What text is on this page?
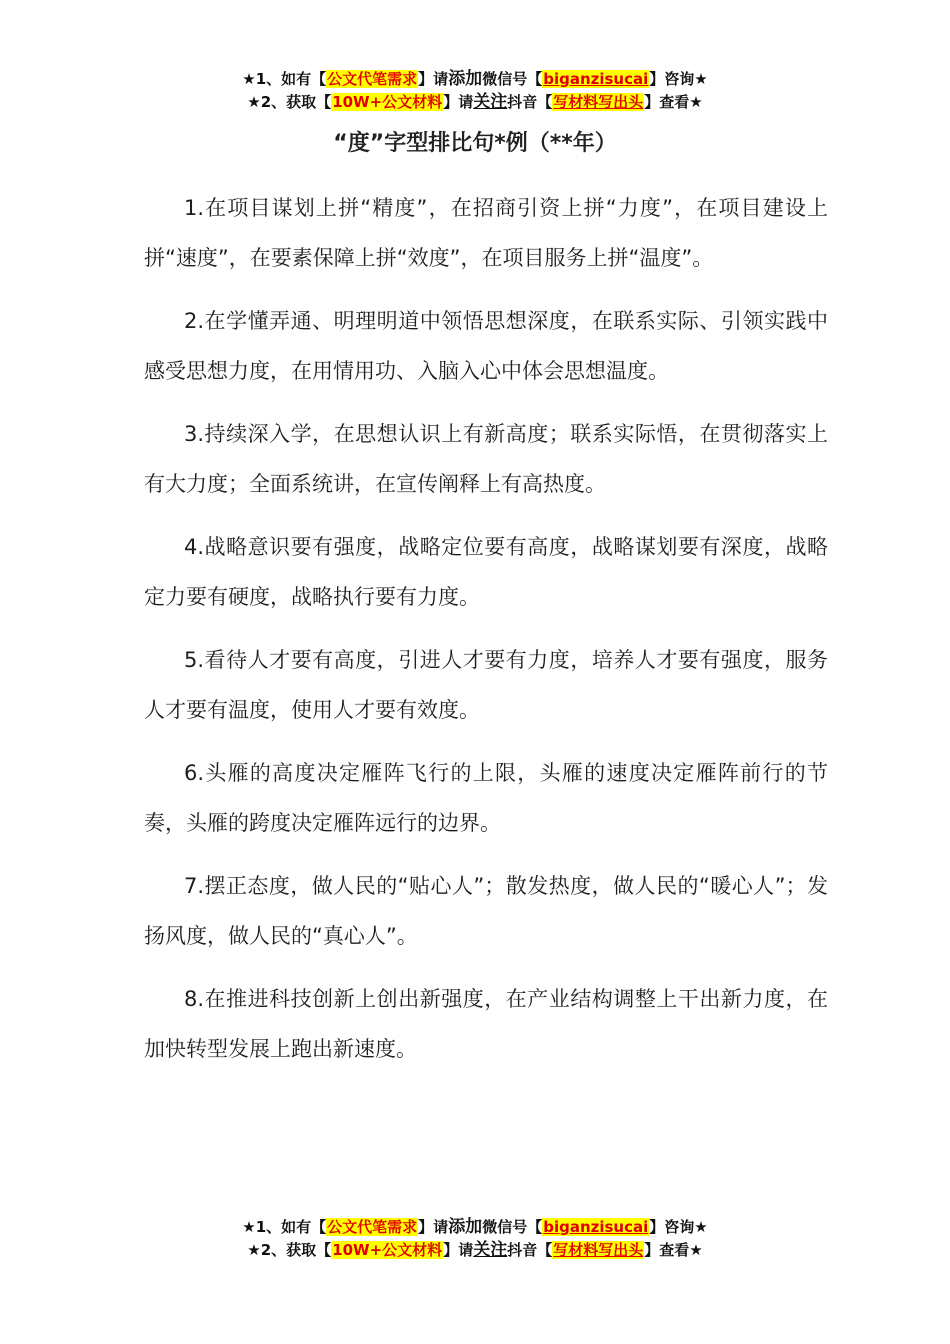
★1、如有【公文代笔需求】请添加微信号【biganzisucai】咨询★
★2、获取【10W+公文材料】请关注抖音【写材料写出头】查看★
“度”字型排比句*例（**年）

1.在项目谋划上拼“精度”，在招商引资上拼“力度”，在项目建设上拼“速度”，在要素保障上拼“效度”，在项目服务上拼“温度”。

2.在学懂弄通、明理明道中领悟思想深度，在联系实际、引领实践中感受思想力度，在用情用功、入脑入心中体会思想温度。

3.持续深入学，在思想认识上有新高度；联系实际悟，在贯彻落实上有大力度；全面系统讲，在宣传阐释上有高热度。

4.战略意识要有强度，战略定位要有高度，战略谋划要有深度，战略定力要有硬度，战略执行要有力度。

5.看待人才要有高度，引进人才要有力度，培养人才要有强度，服务人才要有温度，使用人才要有效度。

6.头雁的高度决定雁阵飞行的上限，头雁的速度决定雁阵前行的节奏，头雁的跨度决定雁阵远行的边界。

7.摆正态度，做人民的“贴心人”；散发热度，做人民的“暖心人”；发扬风度，做人民的“真心人”。

8.在推进科技创新上创出新强度，在产业结构调整上干出新力度，在加快转型发展上跑出新速度。

★1、如有【公文代笔需求】请添加微信号【biganzisucai】咨询★
★2、获取【10W+公文材料】请关注抖音【写材料写出头】查看★
